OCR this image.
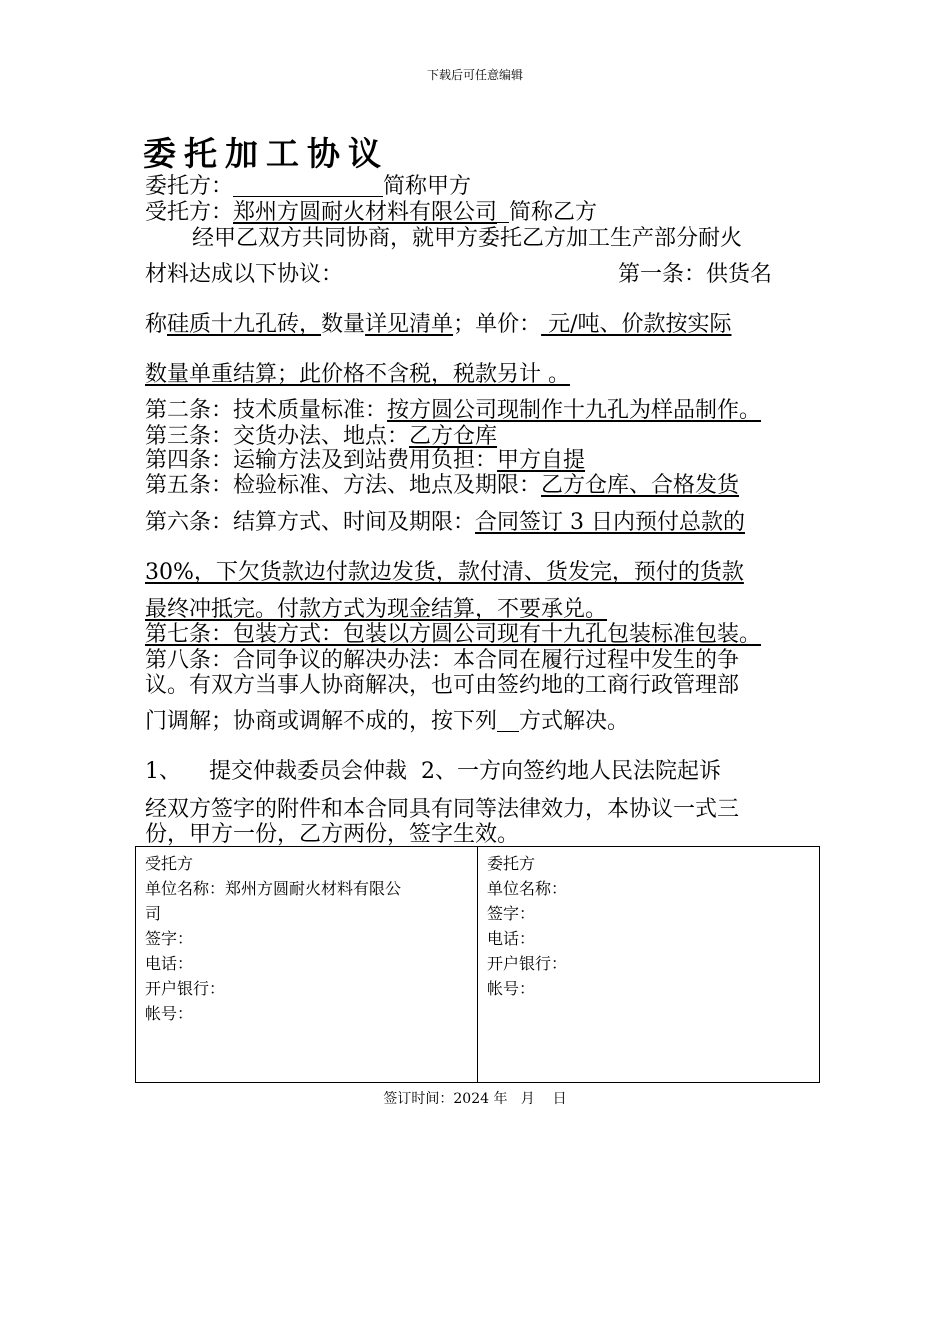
下载后可任意编辑
委托加工协议
委托方：	简称甲方
受托方：郑州方圆耐火材料有限公司 简称乙方
经甲乙双方共同协商，就甲方委托乙方加工生产部分耐火
材料达成以下协议：	第一条：供货名
称硅质十九孔砖，数量详见清单；单价： 元/吨、价款按实际
数量单重结算；此价格不含税，税款另计 。
第二条：技术质量标准：按方圆公司现制作十九孔为样品制作。
第三条：交货办法、地点：乙方仓库
第四条：运输方法及到站费用负担：甲方自提
第五条：检验标准、方法、地点及期限：乙方仓库、合格发货
第六条：结算方式、时间及期限：合同签订 3 日内预付总款的
30%，下欠货款边付款边发货，款付清、货发完，预付的货款
最终冲抵完。付款方式为现金结算，不要承兑。
第七条：包装方式：包装以方圆公司现有十九孔包装标准包装。
第八条：合同争议的解决办法：本合同在履行过程中发生的争
议。有双方当事人协商解决，也可由签约地的工商行政管理部
门调解；协商或调解不成的，按下列 方式解决。
1、    提交仲裁委员会仲裁  2、一方向签约地人民法院起诉
经双方签字的附件和本合同具有同等法律效力，本协议一式三
份，甲方一份，乙方两份，签字生效。
受托方
单位名称：郑州方圆耐火材料有限公
司
签字：
电话：
开户银行：
帐号：
委托方
单位名称：
签字：
电话：
开户银行：
帐号：
签订时间：2024 年   月    日
